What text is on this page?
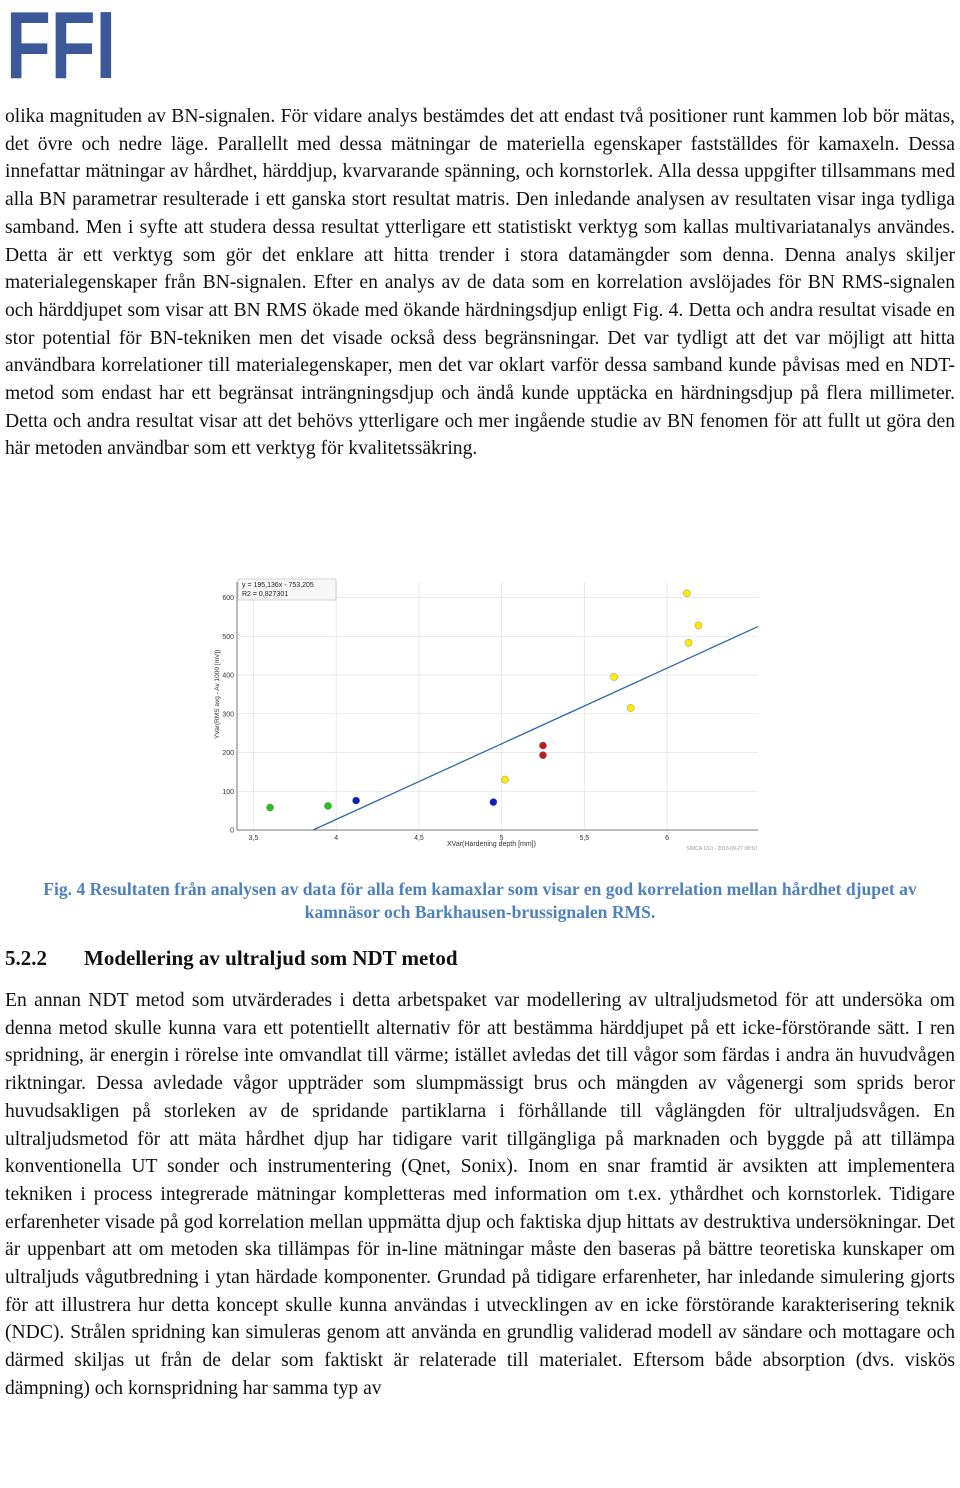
FFI

olika magnituden av BN-signalen. För vidare analys bestämdes det att endast två positioner runt kammen lob bör mätas, det övre och nedre läge. Parallellt med dessa mätningar de materiella egenskaper fastställdes för kamaxeln. Dessa innefattar mätningar av hårdhet, härddjup, kvarvarande spänning, och kornstorlek. Alla dessa uppgifter tillsammans med alla BN parametrar resulterade i ett ganska stort resultat matris. Den inledande analysen av resultaten visar inga tydliga samband. Men i syfte att studera dessa resultat ytterligare ett statistiskt verktyg som kallas multivariatanalys användes. Detta är ett verktyg som gör det enklare att hitta trender i stora datamängder som denna. Denna analys skiljer materialegenskaper från BN-signalen. Efter en analys av de data som en korrelation avslöjades för BN RMS-signalen och härddjupet som visar att BN RMS ökade med ökande härdningsdjup enligt Fig. 4. Detta och andra resultat visade en stor potential för BN-tekniken men det visade också dess begränsningar. Det var tydligt att det var möjligt att hitta användbara korrelationer till materialegenskaper, men det var oklart varför dessa samband kunde påvisas med en NDT-metod som endast har ett begränsat inträngningsdjup och ändå kunde upptäcka en härdningsdjup på flera millimeter. Detta och andra resultat visar att det behövs ytterligare och mer ingående studie av BN fenomen för att fullt ut göra den här metoden användbar som ett verktyg för kvalitetssäkring.

3,5	4	4,5	5	5,5	6
0
100
200
300
400
500
600
y = 195,136x - 753,205
R2 = 0,827301
XVar(Hardening depth [mm])
YVar(RMS avg - Av 1000 [mV])
SIMCA 13.0 - 2013-09-27 08:50

Fig. 4 Resultaten från analysen av data för alla fem kamaxlar som visar en god korrelation mellan hårdhet djupet av kamnäsor och Barkhausen-brussignalen RMS.

5.2.2 Modellering av ultraljud som NDT metod

En annan NDT metod som utvärderades i detta arbetspaket var modellering av ultraljudsmetod för att undersöka om denna metod skulle kunna vara ett potentiellt alternativ för att bestämma härddjupet på ett icke-förstörande sätt. I ren spridning, är energin i rörelse inte omvandlat till värme; istället avledas det till vågor som färdas i andra än huvudvågen riktningar. Dessa avledade vågor uppträder som slumpmässigt brus och mängden av vågenergi som sprids beror huvudsakligen på storleken av de spridande partiklarna i förhållande till våglängden för ultraljudsvågen. En ultraljudsmetod för att mäta hårdhet djup har tidigare varit tillgängliga på marknaden och byggde på att tillämpa konventionella UT sonder och instrumentering (Qnet, Sonix). Inom en snar framtid är avsikten att implementera tekniken i process integrerade mätningar kompletteras med information om t.ex. ythårdhet och kornstorlek. Tidigare erfarenheter visade på god korrelation mellan uppmätta djup och faktiska djup hittats av destruktiva undersökningar. Det är uppenbart att om metoden ska tillämpas för in-line mätningar måste den baseras på bättre teoretiska kunskaper om ultraljuds vågutbredning i ytan härdade komponenter. Grundad på tidigare erfarenheter, har inledande simulering gjorts för att illustrera hur detta koncept skulle kunna användas i utvecklingen av en icke förstörande karakterisering teknik (NDC). Strålen spridning kan simuleras genom att använda en grundlig validerad modell av sändare och mottagare och därmed skiljas ut från de delar som faktiskt är relaterade till materialet. Eftersom både absorption (dvs. viskös dämpning) och kornspridning har samma typ av
